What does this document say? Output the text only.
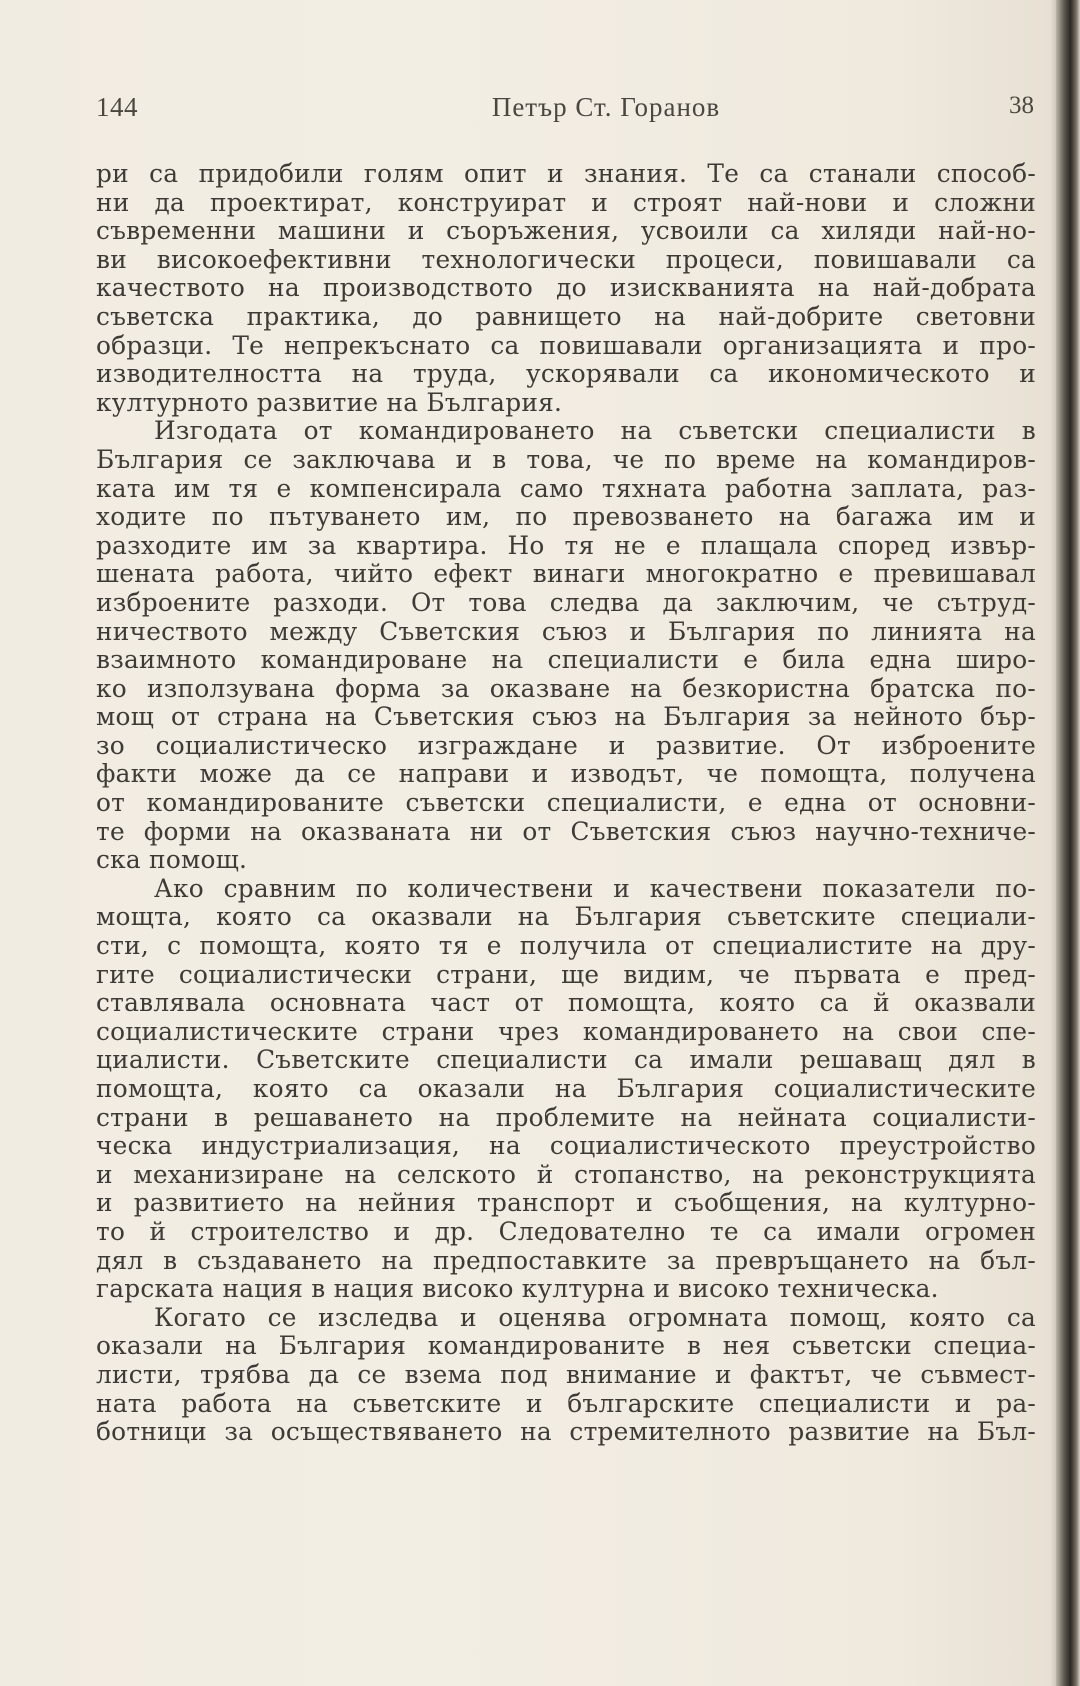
144	Петър Ст. Горанов	38
ри са придобили голям опит и знания. Те са станали способ-
ни да проектират, конструират и строят най-нови и сложни
съвременни машини и съоръжения, усвоили са хиляди най-но-
ви високоефективни технологически процеси, повишавали са
качеството на производството до изискванията на най-добрата
съветска практика, до равнището на най-добрите световни
образци. Те непрекъснато са повишавали организацията и про-
изводителността на труда, ускорявали са икономическото и
културното развитие на България.
Изгодата от командироването на съветски специалисти в
България се заключава и в това, че по време на командиров-
ката им тя е компенсирала само тяхната работна заплата, раз-
ходите по пътуването им, по превозването на багажа им и
разходите им за квартира. Но тя не е плащала според извър-
шената работа, чийто ефект винаги многократно е превишавал
изброените разходи. От това следва да заключим, че сътруд-
ничеството между Съветския съюз и България по линията на
взаимното командироване на специалисти е била една широ-
ко използувана форма за оказване на безкористна братска по-
мощ от страна на Съветския съюз на България за нейното бър-
зо социалистическо изграждане и развитие. От изброените
факти може да се направи и изводът, че помощта, получена
от командированите съветски специалисти, е една от основни-
те форми на оказваната ни от Съветския съюз научно-техниче-
ска помощ.
Ако сравним по количествени и качествени показатели по-
мощта, която са оказвали на България съветските специали-
сти, с помощта, която тя е получила от специалистите на дру-
гите социалистически страни, ще видим, че първата е пред-
ставлявала основната част от помощта, която са й оказвали
социалистическите страни чрез командироването на свои спе-
циалисти. Съветските специалисти са имали решаващ дял в
помощта, която са оказали на България социалистическите
страни в решаването на проблемите на нейната социалисти-
ческа индустриализация, на социалистическото преустройство
и механизиране на селското й стопанство, на реконструкцията
и развитието на нейния транспорт и съобщения, на културно-
то й строителство и др. Следователно те са имали огромен
дял в създаването на предпоставките за превръщането на бъл-
гарската нация в нация високо културна и високо техническа.
Когато се изследва и оценява огромната помощ, която са
оказали на България командированите в нея съветски специа-
листи, трябва да се взема под внимание и фактът, че съвмест-
ната работа на съветските и българските специалисти и ра-
ботници за осъществяването на стремителното развитие на Бъл-
